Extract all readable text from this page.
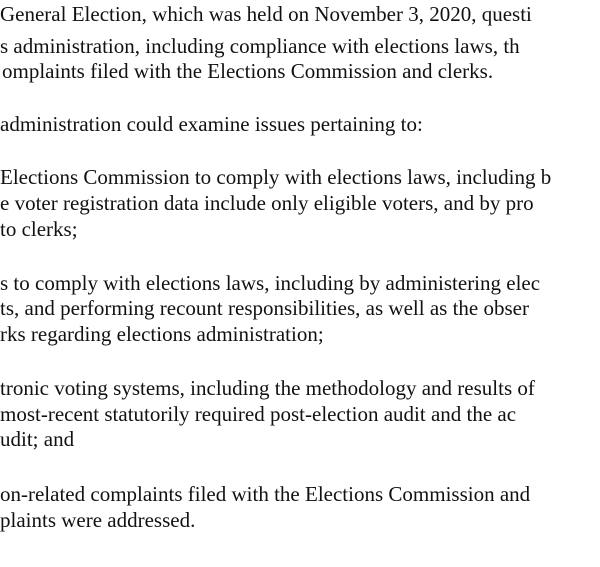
General Election, which was held on November 3, 2020, questi
s administration, including compliance with elections laws, th
omplaints filed with the Elections Commission and clerks.
administration could examine issues pertaining to:
Elections Commission to comply with elections laws, including b
e voter registration data include only eligible voters, and by pro
to clerks;
s to comply with elections laws, including by administering elec
ts, and performing recount responsibilities, as well as the obser
rks regarding elections administration;
tronic voting systems, including the methodology and results of
most-recent statutorily required post-election audit and the ac
udit; and
on-related complaints filed with the Elections Commission and
plaints were addressed.
